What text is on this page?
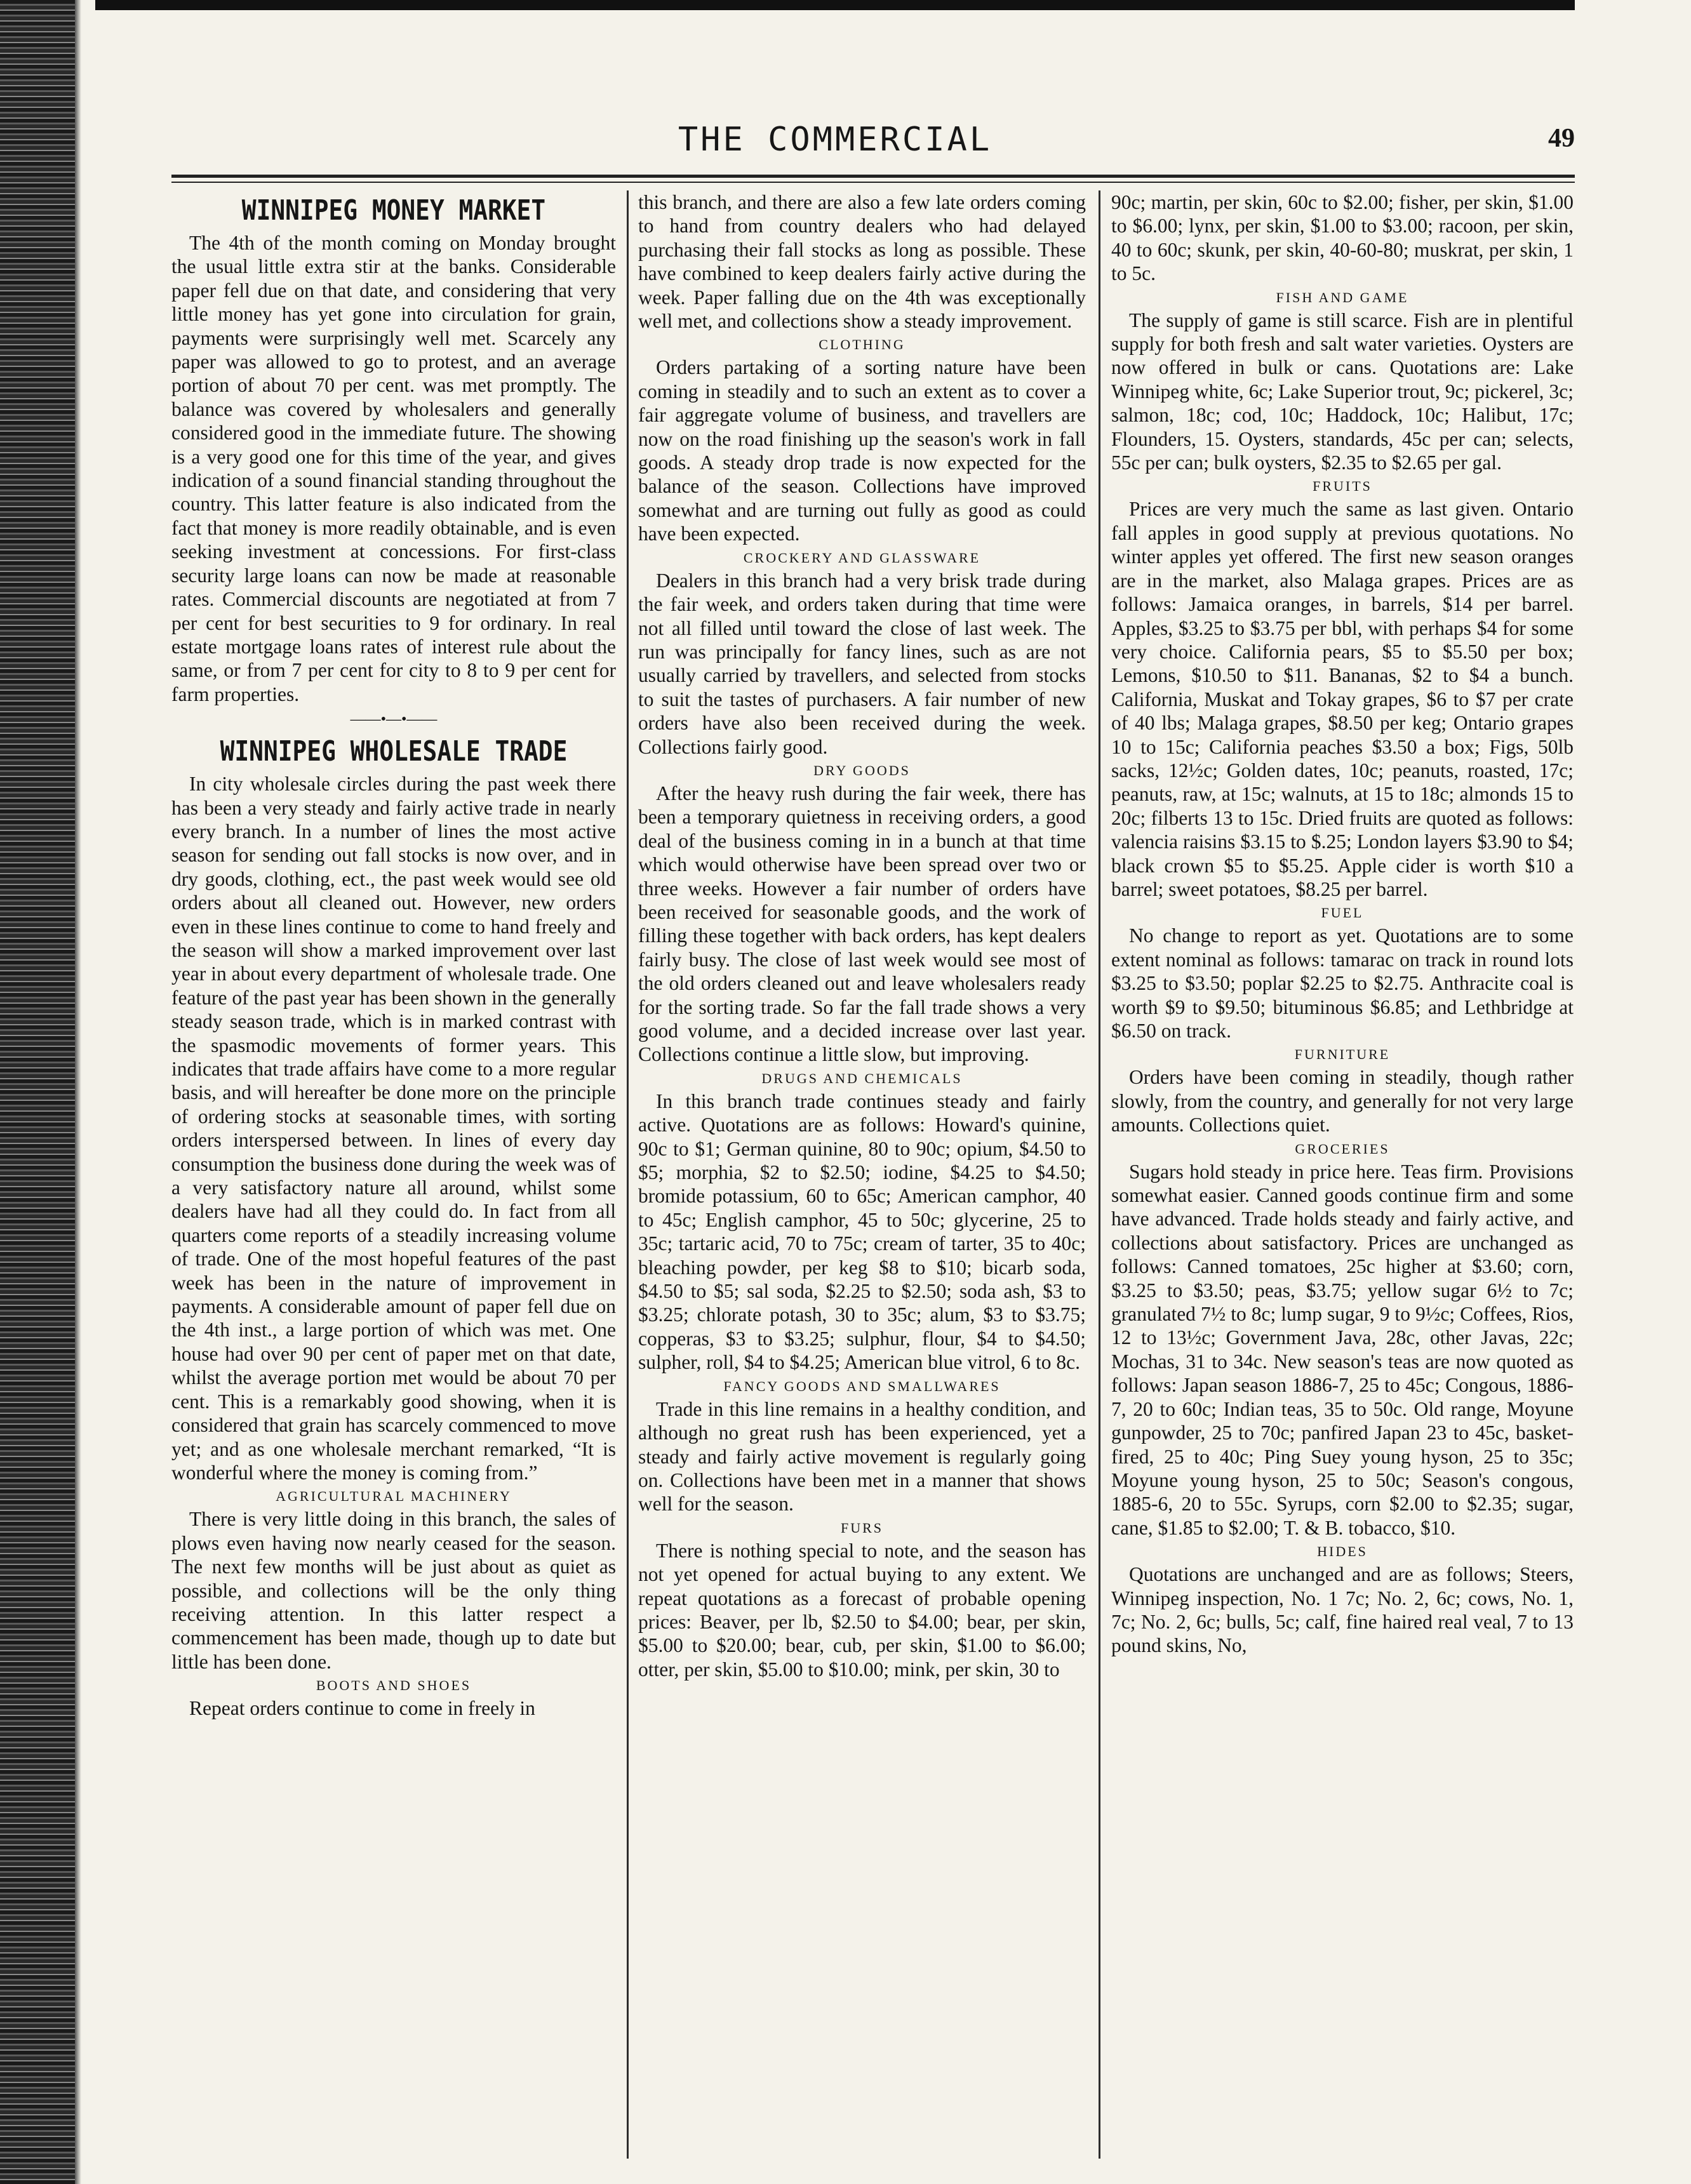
THE COMMERCIAL	49
WINNIPEG MONEY MARKET

The 4th of the month coming on Monday brought the usual little extra stir at the banks. Considerable paper fell due on that date, and considering that very little money has yet gone into circulation for grain, payments were surprisingly well met. Scarcely any paper was allowed to go to protest, and an average portion of about 70 per cent. was met promptly. The balance was covered by wholesalers and generally considered good in the immediate future. The showing is a very good one for this time of the year, and gives indication of a sound financial standing throughout the country. This latter feature is also indicated from the fact that money is more readily obtainable, and is even seeking investment at concessions. For first-class security large loans can now be made at reasonable rates. Commercial discounts are negotiated at from 7 per cent for best securities to 9 for ordinary. In real estate mortgage loans rates of interest rule about the same, or from 7 per cent for city to 8 to 9 per cent for farm properties.

——•—•——
WINNIPEG WHOLESALE TRADE

In city wholesale circles during the past week there has been a very steady and fairly active trade in nearly every branch. In a number of lines the most active season for sending out fall stocks is now over, and in dry goods, clothing, ect., the past week would see old orders about all cleaned out. However, new orders even in these lines continue to come to hand freely and the season will show a marked improvement over last year in about every department of wholesale trade. One feature of the past year has been shown in the generally steady season trade, which is in marked contrast with the spasmodic movements of former years. This indicates that trade affairs have come to a more regular basis, and will hereafter be done more on the principle of ordering stocks at seasonable times, with sorting orders interspersed between. In lines of every day consumption the business done during the week was of a very satisfactory nature all around, whilst some dealers have had all they could do. In fact from all quarters come reports of a steadily increasing volume of trade. One of the most hopeful features of the past week has been in the nature of improvement in payments. A considerable amount of paper fell due on the 4th inst., a large portion of which was met. One house had over 90 per cent of paper met on that date, whilst the average portion met would be about 70 per cent. This is a remarkably good showing, when it is considered that grain has scarcely commenced to move yet; and as one wholesale merchant remarked, “It is wonderful where the money is coming from.”

AGRICULTURAL MACHINERY

There is very little doing in this branch, the sales of plows even having now nearly ceased for the season. The next few months will be just about as quiet as possible, and collections will be the only thing receiving attention. In this latter respect a commencement has been made, though up to date but little has been done.

BOOTS AND SHOES

Repeat orders continue to come in freely in

this branch, and there are also a few late orders coming to hand from country dealers who had delayed purchasing their fall stocks as long as possible. These have combined to keep dealers fairly active during the week. Paper falling due on the 4th was exceptionally well met, and collections show a steady improvement.

CLOTHING

Orders partaking of a sorting nature have been coming in steadily and to such an extent as to cover a fair aggregate volume of business, and travellers are now on the road finishing up the season's work in fall goods. A steady drop trade is now expected for the balance of the season. Collections have improved somewhat and are turning out fully as good as could have been expected.

CROCKERY AND GLASSWARE

Dealers in this branch had a very brisk trade during the fair week, and orders taken during that time were not all filled until toward the close of last week. The run was principally for fancy lines, such as are not usually carried by travellers, and selected from stocks to suit the tastes of purchasers. A fair number of new orders have also been received during the week. Collections fairly good.

DRY GOODS

After the heavy rush during the fair week, there has been a temporary quietness in receiving orders, a good deal of the business coming in in a bunch at that time which would otherwise have been spread over two or three weeks. However a fair number of orders have been received for seasonable goods, and the work of filling these together with back orders, has kept dealers fairly busy. The close of last week would see most of the old orders cleaned out and leave wholesalers ready for the sorting trade. So far the fall trade shows a very good volume, and a decided increase over last year. Collections continue a little slow, but improving.

DRUGS AND CHEMICALS

In this branch trade continues steady and fairly active. Quotations are as follows: Howard's quinine, 90c to $1; German quinine, 80 to 90c; opium, $4.50 to $5; morphia, $2 to $2.50; iodine, $4.25 to $4.50; bromide potassium, 60 to 65c; American camphor, 40 to 45c; English camphor, 45 to 50c; glycerine, 25 to 35c; tartaric acid, 70 to 75c; cream of tarter, 35 to 40c; bleaching powder, per keg $8 to $10; bicarb soda, $4.50 to $5; sal soda, $2.25 to $2.50; soda ash, $3 to $3.25; chlorate potash, 30 to 35c; alum, $3 to $3.75; copperas, $3 to $3.25; sulphur, flour, $4 to $4.50; sulpher, roll, $4 to $4.25; American blue vitrol, 6 to 8c.

FANCY GOODS AND SMALLWARES

Trade in this line remains in a healthy condition, and although no great rush has been experienced, yet a steady and fairly active movement is regularly going on. Collections have been met in a manner that shows well for the season.

FURS

There is nothing special to note, and the season has not yet opened for actual buying to any extent. We repeat quotations as a forecast of probable opening prices: Beaver, per lb, $2.50 to $4.00; bear, per skin, $5.00 to $20.00; bear, cub, per skin, $1.00 to $6.00; otter, per skin, $5.00 to $10.00; mink, per skin, 30 to

90c; martin, per skin, 60c to $2.00; fisher, per skin, $1.00 to $6.00; lynx, per skin, $1.00 to $3.00; racoon, per skin, 40 to 60c; skunk, per skin, 40-60-80; muskrat, per skin, 1 to 5c.

FISH AND GAME

The supply of game is still scarce. Fish are in plentiful supply for both fresh and salt water varieties. Oysters are now offered in bulk or cans. Quotations are: Lake Winnipeg white, 6c; Lake Superior trout, 9c; pickerel, 3c; salmon, 18c; cod, 10c; Haddock, 10c; Halibut, 17c; Flounders, 15. Oysters, standards, 45c per can; selects, 55c per can; bulk oysters, $2.35 to $2.65 per gal.

FRUITS

Prices are very much the same as last given. Ontario fall apples in good supply at previous quotations. No winter apples yet offered. The first new season oranges are in the market, also Malaga grapes. Prices are as follows: Jamaica oranges, in barrels, $14 per barrel. Apples, $3.25 to $3.75 per bbl, with perhaps $4 for some very choice. California pears, $5 to $5.50 per box; Lemons, $10.50 to $11. Bananas, $2 to $4 a bunch. California, Muskat and Tokay grapes, $6 to $7 per crate of 40 lbs; Malaga grapes, $8.50 per keg; Ontario grapes 10 to 15c; California peaches $3.50 a box; Figs, 50lb sacks, 12½c; Golden dates, 10c; peanuts, roasted, 17c; peanuts, raw, at 15c; walnuts, at 15 to 18c; almonds 15 to 20c; filberts 13 to 15c. Dried fruits are quoted as follows: valencia raisins $3.15 to $.25; London layers $3.90 to $4; black crown $5 to $5.25. Apple cider is worth $10 a barrel; sweet potatoes, $8.25 per barrel.

FUEL

No change to report as yet. Quotations are to some extent nominal as follows: tamarac on track in round lots $3.25 to $3.50; poplar $2.25 to $2.75. Anthracite coal is worth $9 to $9.50; bituminous $6.85; and Lethbridge at $6.50 on track.

FURNITURE

Orders have been coming in steadily, though rather slowly, from the country, and generally for not very large amounts. Collections quiet.

GROCERIES

Sugars hold steady in price here. Teas firm. Provisions somewhat easier. Canned goods continue firm and some have advanced. Trade holds steady and fairly active, and collections about satisfactory. Prices are unchanged as follows: Canned tomatoes, 25c higher at $3.60; corn, $3.25 to $3.50; peas, $3.75; yellow sugar 6½ to 7c; granulated 7½ to 8c; lump sugar, 9 to 9½c; Coffees, Rios, 12 to 13½c; Government Java, 28c, other Javas, 22c; Mochas, 31 to 34c. New season's teas are now quoted as follows: Japan season 1886-7, 25 to 45c; Congous, 1886-7, 20 to 60c; Indian teas, 35 to 50c. Old range, Moyune gunpowder, 25 to 70c; panfired Japan 23 to 45c, basket-fired, 25 to 40c; Ping Suey young hyson, 25 to 35c; Moyune young hyson, 25 to 50c; Season's congous, 1885-6, 20 to 55c. Syrups, corn $2.00 to $2.35; sugar, cane, $1.85 to $2.00; T. & B. tobacco, $10.

HIDES

Quotations are unchanged and are as follows; Steers, Winnipeg inspection, No. 1 7c; No. 2, 6c; cows, No. 1, 7c; No. 2, 6c; bulls, 5c; calf, fine haired real veal, 7 to 13 pound skins, No,
